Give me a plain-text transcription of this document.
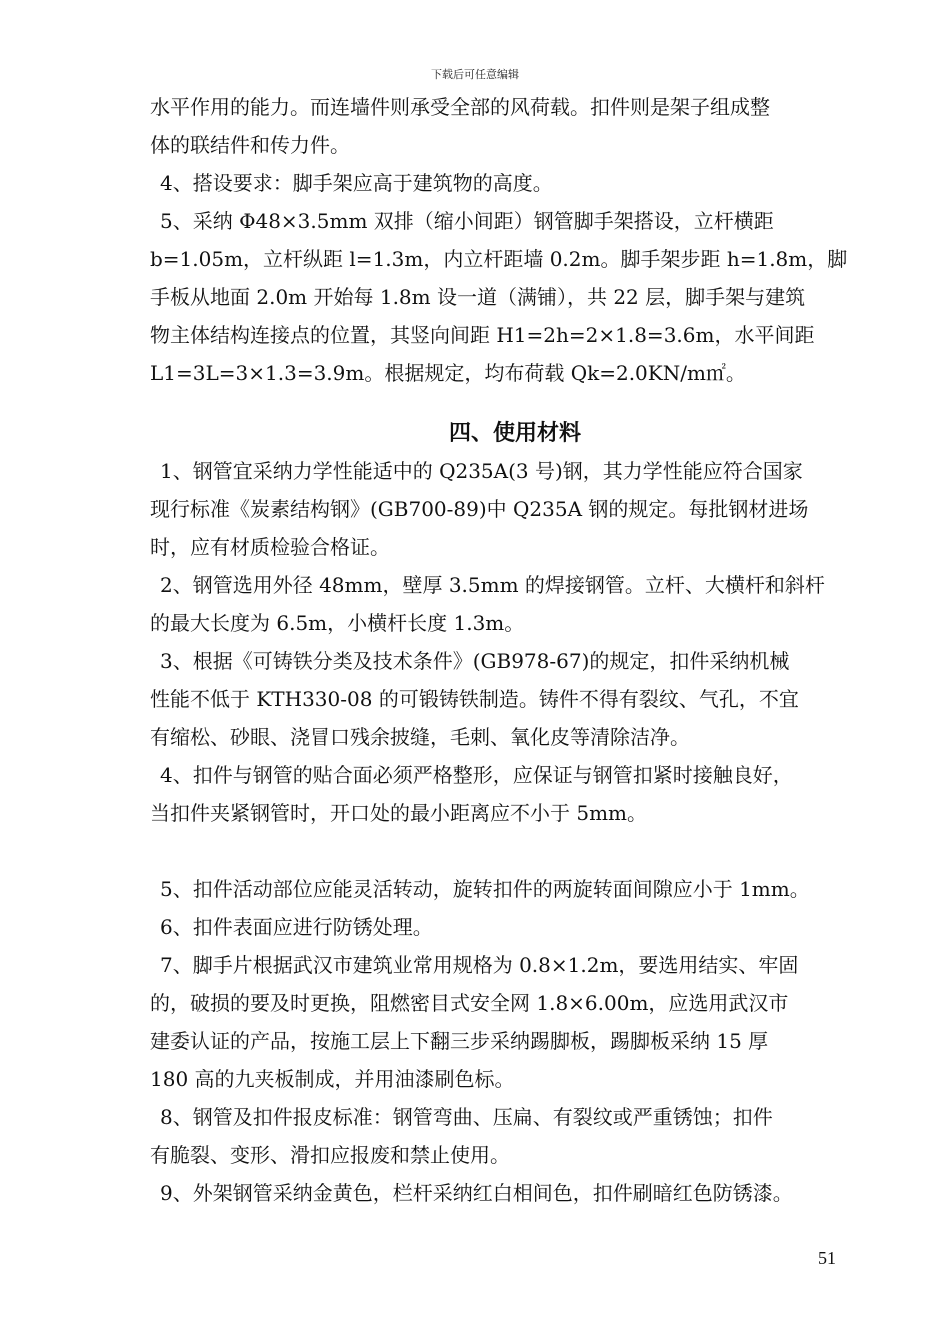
下载后可任意编辑

水平作用的能力。而连墙件则承受全部的风荷载。扣件则是架子组成整

体的联结件和传力件。

4、搭设要求：脚手架应高于建筑物的高度。

5、采纳 Φ48×3.5mm 双排（缩小间距）钢管脚手架搭设，立杆横距

b=1.05m，立杆纵距 l=1.3m，内立杆距墙 0.2m。脚手架步距 h=1.8m，脚

手板从地面 2.0m 开始每 1.8m 设一道（满铺），共 22 层，脚手架与建筑

物主体结构连接点的位置，其竖向间距 H1=2h=2×1.8=3.6m，水平间距

L1=3L=3×1.3=3.9m。根据规定，均布荷载 Qk=2.0KN/m㎡。

四、使用材料

1、钢管宜采纳力学性能适中的 Q235A(3 号)钢，其力学性能应符合国家

现行标准《炭素结构钢》(GB700-89)中 Q235A 钢的规定。每批钢材进场

时，应有材质检验合格证。

2、钢管选用外径 48mm，壁厚 3.5mm 的焊接钢管。立杆、大横杆和斜杆

的最大长度为 6.5m，小横杆长度 1.3m。

3、根据《可铸铁分类及技术条件》(GB978-67)的规定，扣件采纳机械

性能不低于 KTH330-08 的可锻铸铁制造。铸件不得有裂纹、气孔，不宜

有缩松、砂眼、浇冒口残余披缝，毛刺、氧化皮等清除洁净。

4、扣件与钢管的贴合面必须严格整形，应保证与钢管扣紧时接触良好，

当扣件夹紧钢管时，开口处的最小距离应不小于 5mm。

5、扣件活动部位应能灵活转动，旋转扣件的两旋转面间隙应小于 1mm。

6、扣件表面应进行防锈处理。

7、脚手片根据武汉市建筑业常用规格为 0.8×1.2m，要选用结实、牢固

的，破损的要及时更换，阻燃密目式安全网 1.8×6.00m，应选用武汉市

建委认证的产品，按施工层上下翻三步采纳踢脚板，踢脚板采纳 15 厚

180 高的九夹板制成，并用油漆刷色标。

8、钢管及扣件报皮标准：钢管弯曲、压扁、有裂纹或严重锈蚀；扣件

有脆裂、变形、滑扣应报废和禁止使用。

9、外架钢管采纳金黄色，栏杆采纳红白相间色，扣件刷暗红色防锈漆。

51
